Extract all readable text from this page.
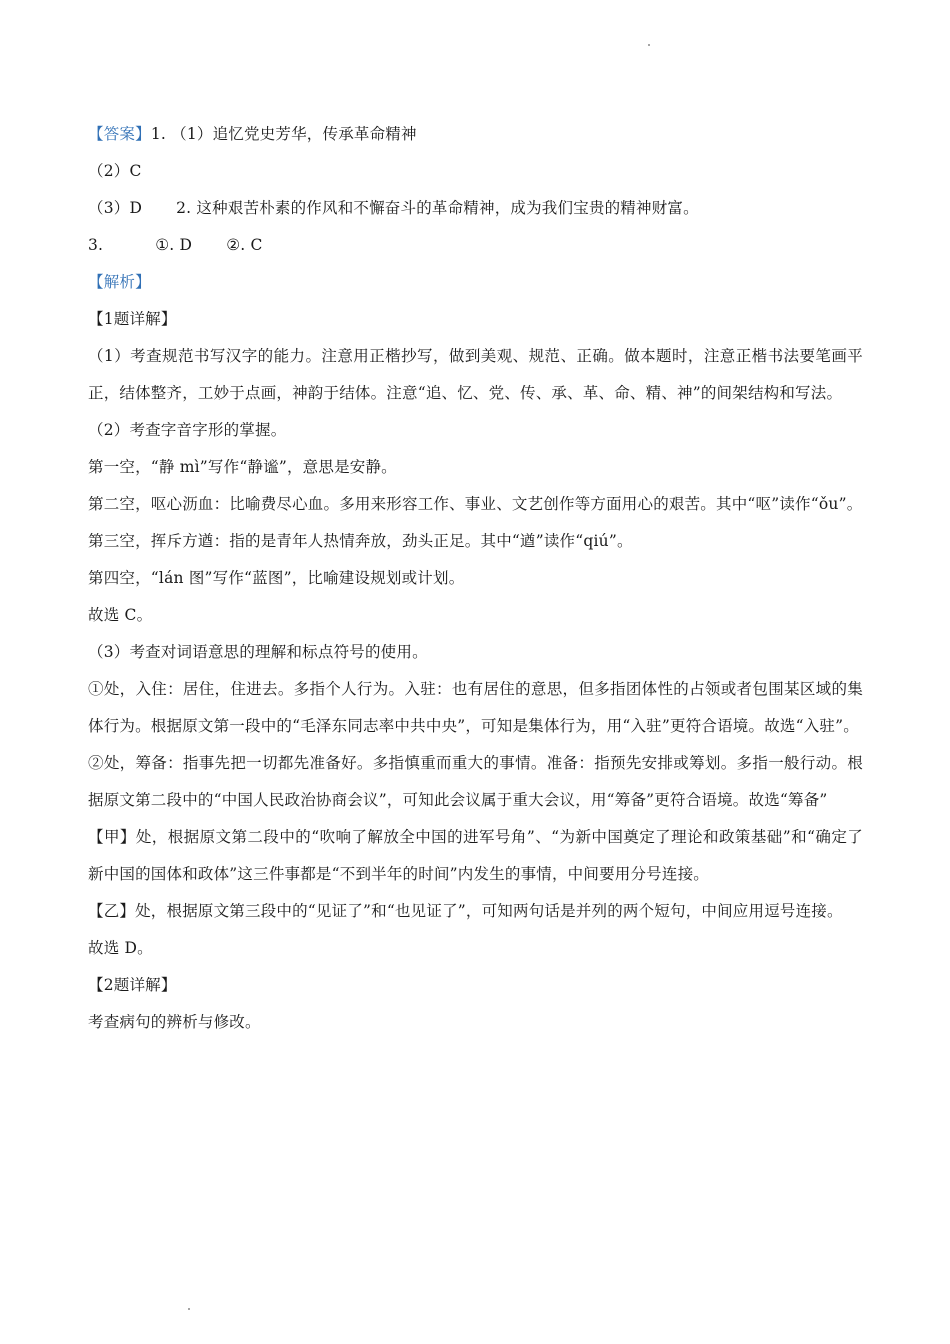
【答案】1. （1）追忆党史芳华，传承革命精神
（2）C
（3）D 2. 这种艰苦朴素的作风和不懈奋斗的革命精神，成为我们宝贵的精神财富。
3.	①. D ②. C
【解析】
【1题详解】
（1）考查规范书写汉字的能力。注意用正楷抄写，做到美观、规范、正确。做本题时，注意正楷书法要笔画平正，结体整齐，工妙于点画，神韵于结体。注意“追、忆、党、传、承、革、命、精、神”的间架结构和写法。
（2）考查字音字形的掌握。
第一空，“静 mì”写作“静谧”，意思是安静。
第二空，呕心沥血：比喻费尽心血。多用来形容工作、事业、文艺创作等方面用心的艰苦。其中“呕”读作“ǒu”。
第三空，挥斥方遒：指的是青年人热情奔放，劲头正足。其中“遒”读作“qiú”。
第四空，“lán 图”写作“蓝图”，比喻建设规划或计划。
故选 C。
（3）考查对词语意思的理解和标点符号的使用。
①处，入住：居住，住进去。多指个人行为。入驻：也有居住的意思，但多指团体性的占领或者包围某区域的集体行为。根据原文第一段中的“毛泽东同志率中共中央”，可知是集体行为，用“入驻”更符合语境。故选“入驻”。
②处，筹备：指事先把一切都先准备好。多指慎重而重大的事情。准备：指预先安排或筹划。多指一般行动。根据原文第二段中的“中国人民政治协商会议”，可知此会议属于重大会议，用“筹备”更符合语境。故选“筹备”
【甲】处，根据原文第二段中的“吹响了解放全中国的进军号角”、“为新中国奠定了理论和政策基础”和“确定了新中国的国体和政体”这三件事都是“不到半年的时间”内发生的事情，中间要用分号连接。
【乙】处，根据原文第三段中的“见证了”和“也见证了”，可知两句话是并列的两个短句，中间应用逗号连接。
故选 D。
【2题详解】
考查病句的辨析与修改。
